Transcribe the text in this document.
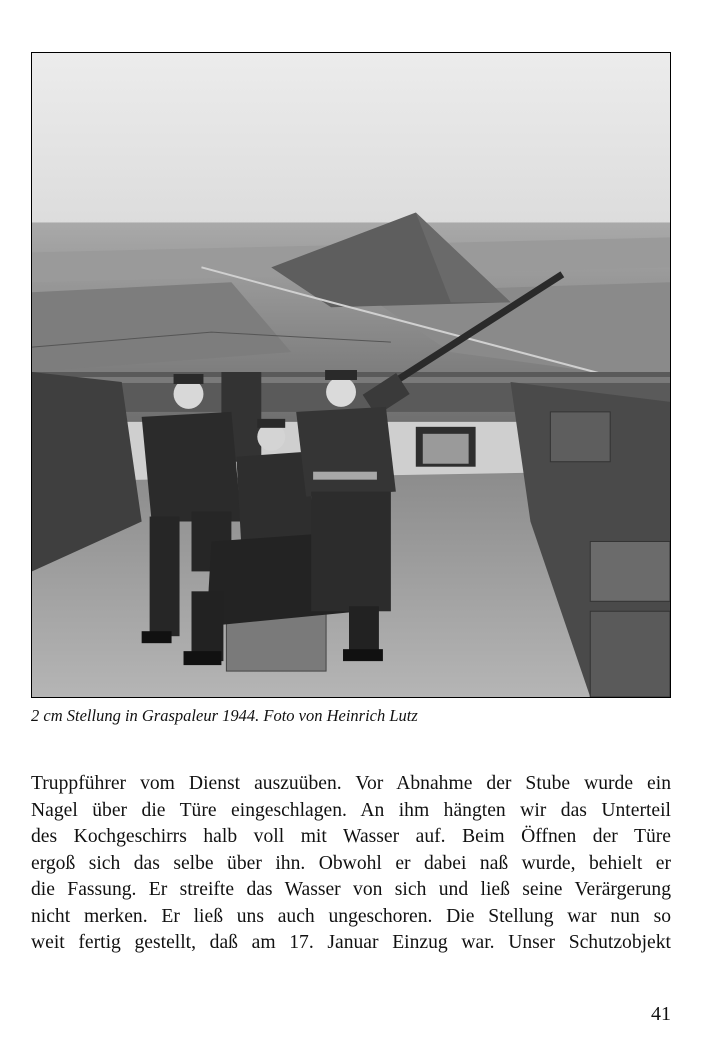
2 cm Stellung in Graspaleur 1944. Foto von Heinrich Lutz
Truppführer vom Dienst auszuüben. Vor Abnahme der Stube wurde ein
Nagel über die Türe eingeschlagen. An ihm hängten wir das Unterteil
des Kochgeschirrs halb voll mit Wasser auf. Beim Öffnen der Türe
ergoß sich das selbe über ihn. Obwohl er dabei naß wurde, behielt er
die Fassung. Er streifte das Wasser von sich und ließ seine Verärgerung
nicht merken. Er ließ uns auch ungeschoren. Die Stellung war nun so
weit fertig gestellt, daß am 17. Januar Einzug war. Unser Schutzobjekt
41
